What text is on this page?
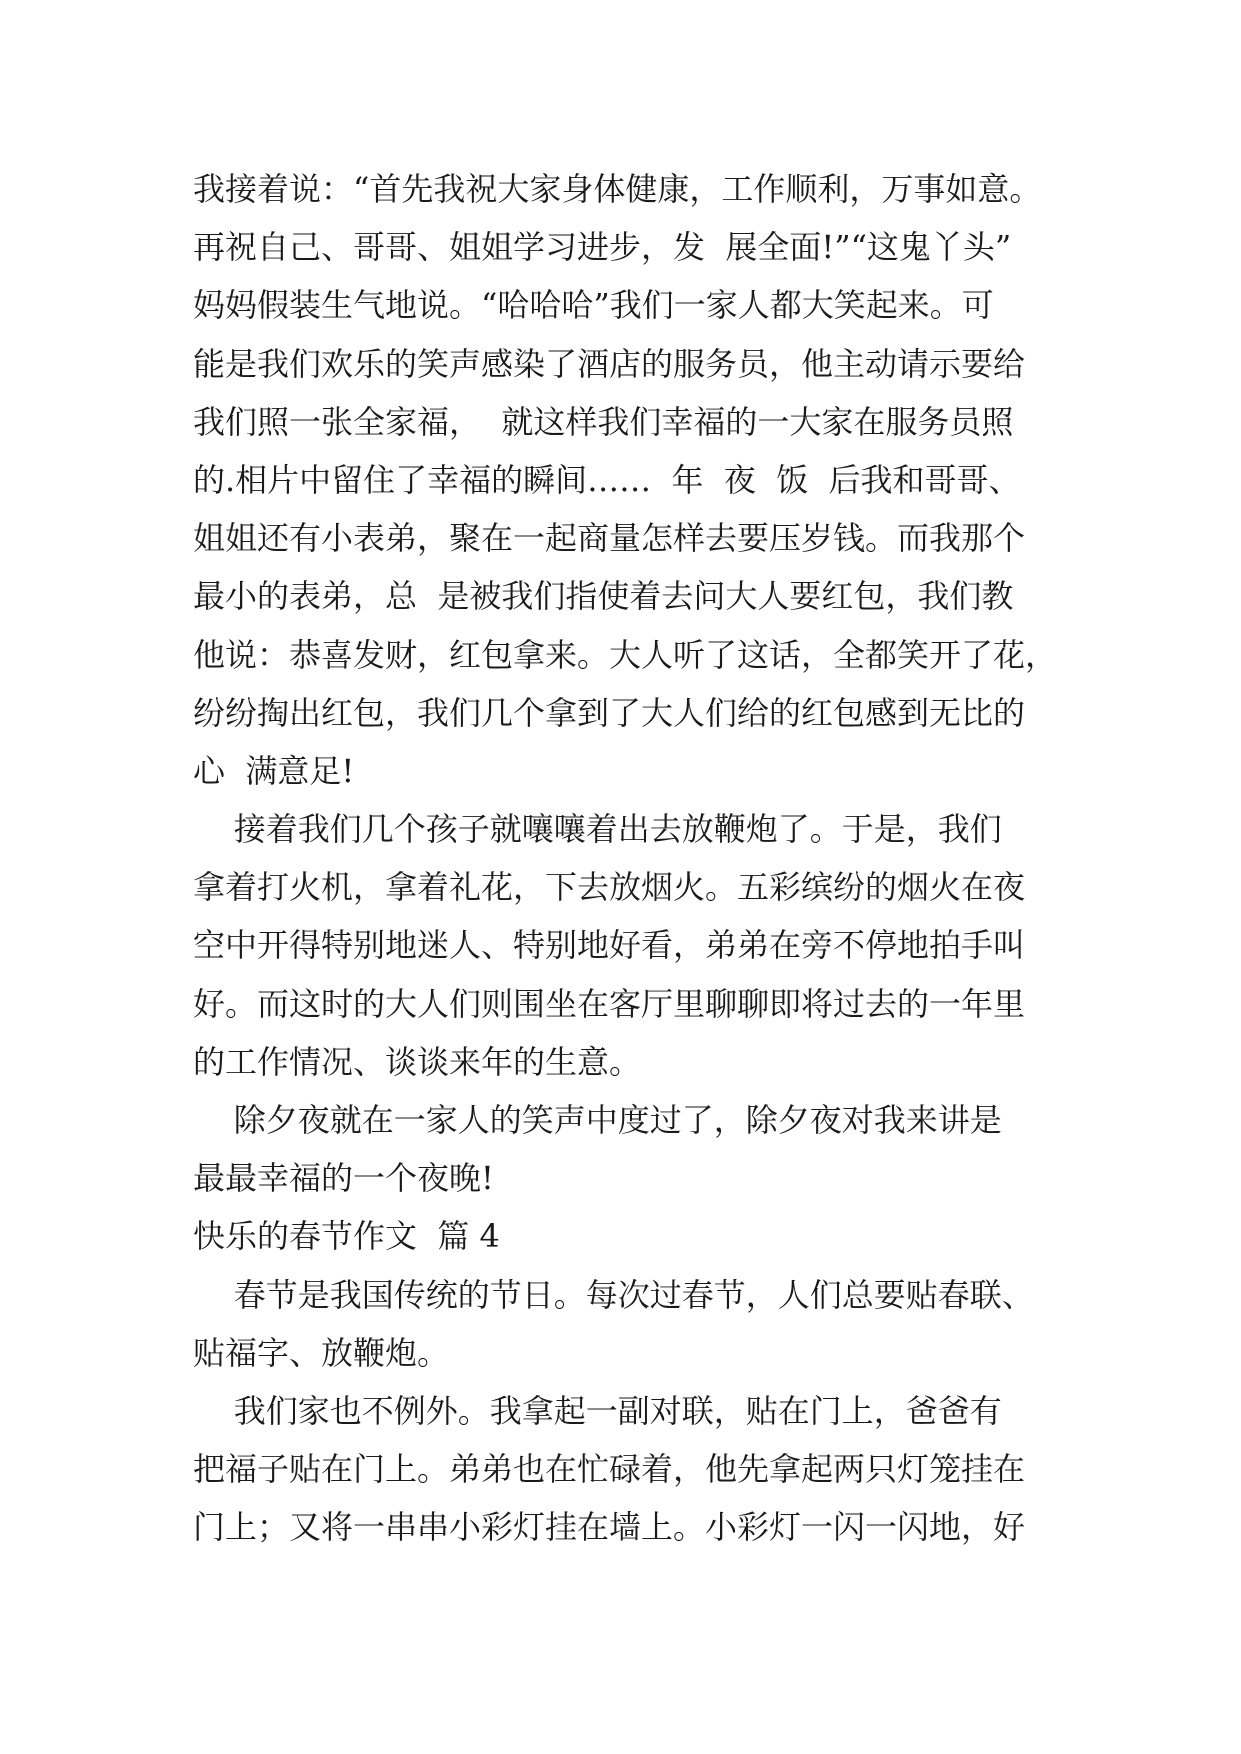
我接着说：“首先我祝大家身体健康，工作顺利，万事如意。
再祝自己、哥哥、姐姐学习进步，发  展全面!”“这鬼丫头”
妈妈假装生气地说。“哈哈哈”我们一家人都大笑起来。可
能是我们欢乐的笑声感染了酒店的服务员，他主动请示要给
我们照一张全家福，  就这样我们幸福的一大家在服务员照
的.相片中留住了幸福的瞬间……  年  夜  饭  后我和哥哥、
姐姐还有小表弟，聚在一起商量怎样去要压岁钱。而我那个
最小的表弟，总  是被我们指使着去问大人要红包，我们教
他说：恭喜发财，红包拿来。大人听了这话，全都笑开了花，
纷纷掏出红包，我们几个拿到了大人们给的红包感到无比的
心  满意足!
接着我们几个孩子就嚷嚷着出去放鞭炮了。于是，我们
拿着打火机，拿着礼花，下去放烟火。五彩缤纷的烟火在夜
空中开得特别地迷人、特别地好看，弟弟在旁不停地拍手叫
好。而这时的大人们则围坐在客厅里聊聊即将过去的一年里
的工作情况、谈谈来年的生意。
除夕夜就在一家人的笑声中度过了，除夕夜对我来讲是
最最幸福的一个夜晚!
快乐的春节作文  篇 4
春节是我国传统的节日。每次过春节，人们总要贴春联、
贴福字、放鞭炮。
我们家也不例外。我拿起一副对联，贴在门上，爸爸有
把福子贴在门上。弟弟也在忙碌着，他先拿起两只灯笼挂在
门上；又将一串串小彩灯挂在墙上。小彩灯一闪一闪地，好
